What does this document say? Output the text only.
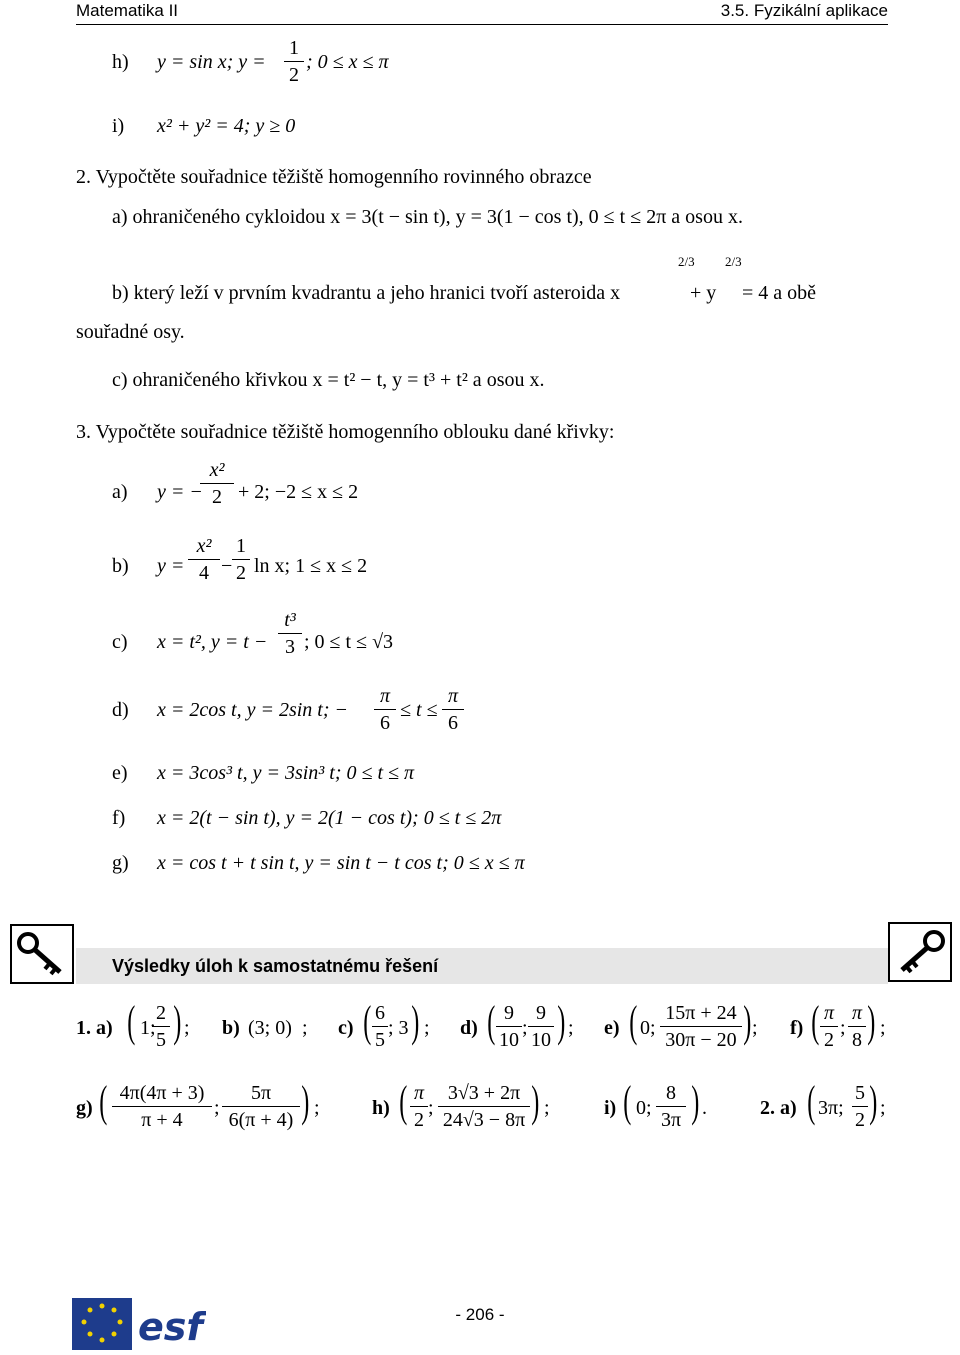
Matematika II	3.5. Fyzikální aplikace
h) y = sin x; y =
1
2
; 0 ≤ x ≤ π
i) x² + y² = 4; y ≥ 0
2. Vypočtěte souřadnice těžiště homogenního rovinného obrazce
a) ohraničeného cykloidou x = 3(t − sin t), y = 3(1 − cos t), 0 ≤ t ≤ 2π a osou x.
b) který leží v prvním kvadrantu a jeho hranici tvoří asteroida x
2/3
+ y
2/3
= 4 a obě
souřadné osy.
c) ohraničeného křivkou x = t² − t, y = t³ + t² a osou x.
3. Vypočtěte souřadnice těžiště homogenního oblouku dané křivky:
a) y = −
x²
2 + 2; −2 ≤ x ≤ 2
b) y =
x²
4 −
1
2 ln x; 1 ≤ x ≤ 2
c) x = t², y = t −
t³
3 ; 0 ≤ t ≤ √3
d) x = 2cos t, y = 2sin t; −
π
6
≤ t ≤
π
6
e) x = 3cos³ t, y = 3sin³ t; 0 ≤ t ≤ π
f) x = 2(t − sin t), y = 2(1 − cos t); 0 ≤ t ≤ 2π
g) x = cos t + t sin t, y = sin t − t cos t; 0 ≤ x ≤ π
Výsledky úloh k samostatnému řešení
1. a) ( 1;
2
5 ) ; b) (3; 0) ; c) ( 6
5
; 3 ) ; d) ( 9
10
;
9
10 ) ; e) ( 0;
15π + 24
30π − 20 ) ; f) ( π
2
;
π
8 ) ;
g) ( 4π(4π + 3)
π + 4
;
5π
6(π + 4) ) ;	h) ( π
2
;
3√3 + 2π
24√3 − 8π ) ;	i) ( 0;
8
3π ) .	2. a) ( 3π;
5
2 ) ;
esf	- 206 -
